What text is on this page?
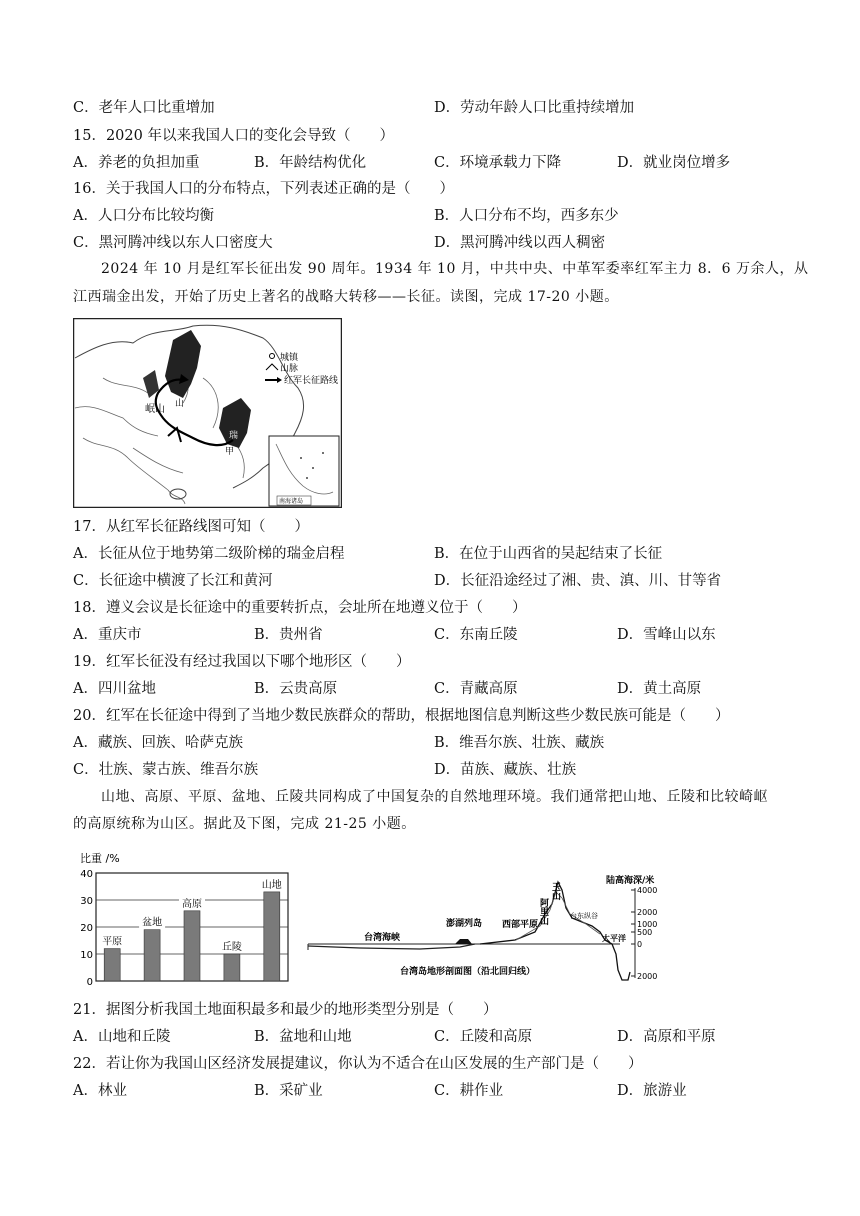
C．老年人口比重增加	D．劳动年龄人口比重持续增加
15．2020 年以来我国人口的变化会导致（　　）
A．养老的负担加重	B．年龄结构优化	C．环境承载力下降	D．就业岗位增多
16．关于我国人口的分布特点，下列表述正确的是（　　）
A．人口分布比较均衡	B．人口分布不均，西多东少
C．黑河腾冲线以东人口密度大	D．黑河腾冲线以西人稠密
2024 年 10 月是红军长征出发 90 周年。1934 年 10 月，中共中央、中革军委率红军主力 8．6 万余人，从
江西瑞金出发，开始了历史上著名的战略大转移——长征。读图，完成 17-20 小题。
岷山 山
瑞
甲
城镇
山脉
红军长征路线
南海诸岛
17．从红军长征路线图可知（　　）
A．长征从位于地势第二级阶梯的瑞金启程	B．在位于山西省的吴起结束了长征
C．长征途中横渡了长江和黄河	D．长征沿途经过了湘、贵、滇、川、甘等省
18．遵义会议是长征途中的重要转折点，会址所在地遵义位于（　　）
A．重庆市	B．贵州省	C．东南丘陵	D．雪峰山以东
19．红军长征没有经过我国以下哪个地形区（　　）
A．四川盆地	B．云贵高原	C．青藏高原	D．黄土高原
20．红军在长征途中得到了当地少数民族群众的帮助，根据地图信息判断这些少数民族可能是（　　）
A．藏族、回族、哈萨克族	B．维吾尔族、壮族、藏族
C．壮族、蒙古族、维吾尔族	D．苗族、藏族、壮族
山地、高原、平原、盆地、丘陵共同构成了中国复杂的自然地理环境。我们通常把山地、丘陵和比较崎岖
的高原统称为山区。据此及下图，完成 21-25 小题。
比重 /%
0
10
20
30
40
平原
盆地
高原
丘陵
山地	4000
2000
1000
500
0
2000
陆高海深/米
台湾海峡
澎湖列岛 西部平原
玉山
阿里山	台东纵谷
太平洋
台湾岛地形剖面图（沿北回归线）
21．据图分析我国土地面积最多和最少的地形类型分别是（　　）
A．山地和丘陵	B．盆地和山地	C．丘陵和高原	D．高原和平原
22．若让你为我国山区经济发展提建议，你认为不适合在山区发展的生产部门是（　　）
A．林业	B．采矿业	C．耕作业	D．旅游业
